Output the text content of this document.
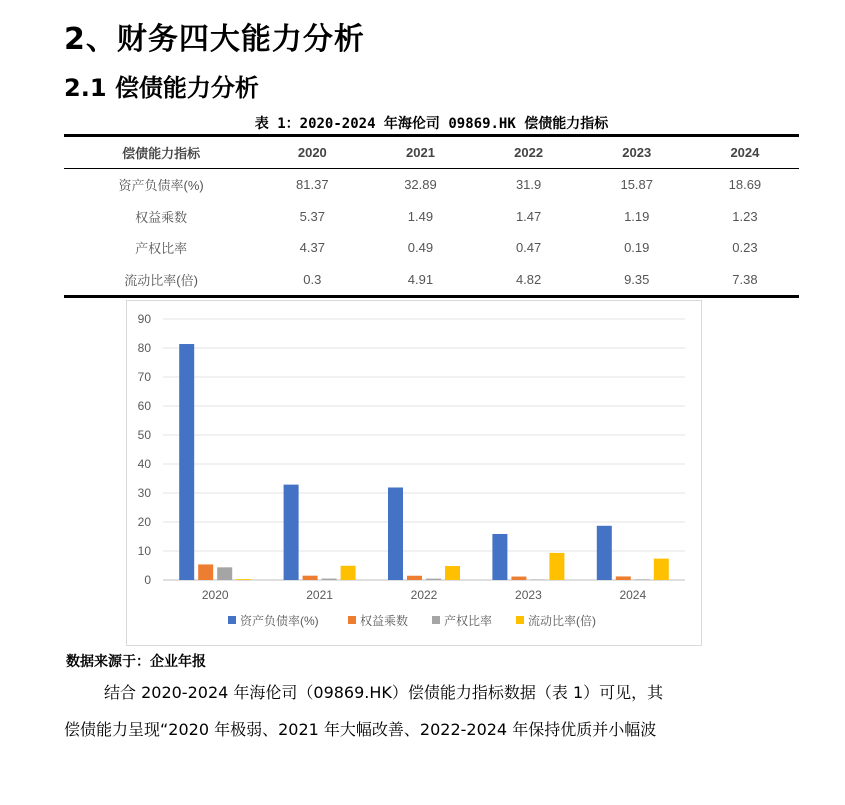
2、财务四大能力分析
2.1 偿债能力分析
表 1：2020-2024 年海伦司 09869.HK 偿债能力指标
偿债能力指标	2020	2021	2022	2023	2024
资产负债率(%)	81.37	32.89	31.9	15.87	18.69
权益乘数	5.37	1.49	1.47	1.19	1.23
产权比率	4.37	0.49	0.47	0.19	0.23
流动比率(倍)	0.3	4.91	4.82	9.35	7.38
0
10
20
30
40
50
60
70
80
90
2020	2021	2022	2023	2024
资产负债率(%)	权益乘数	产权比率	流动比率(倍)
数据来源于：企业年报
结合 2020-2024 年海伦司（09869.HK）偿债能力指标数据（表 1）可见，其
偿债能力呈现“2020 年极弱、2021 年大幅改善、2022-2024 年保持优质并小幅波
